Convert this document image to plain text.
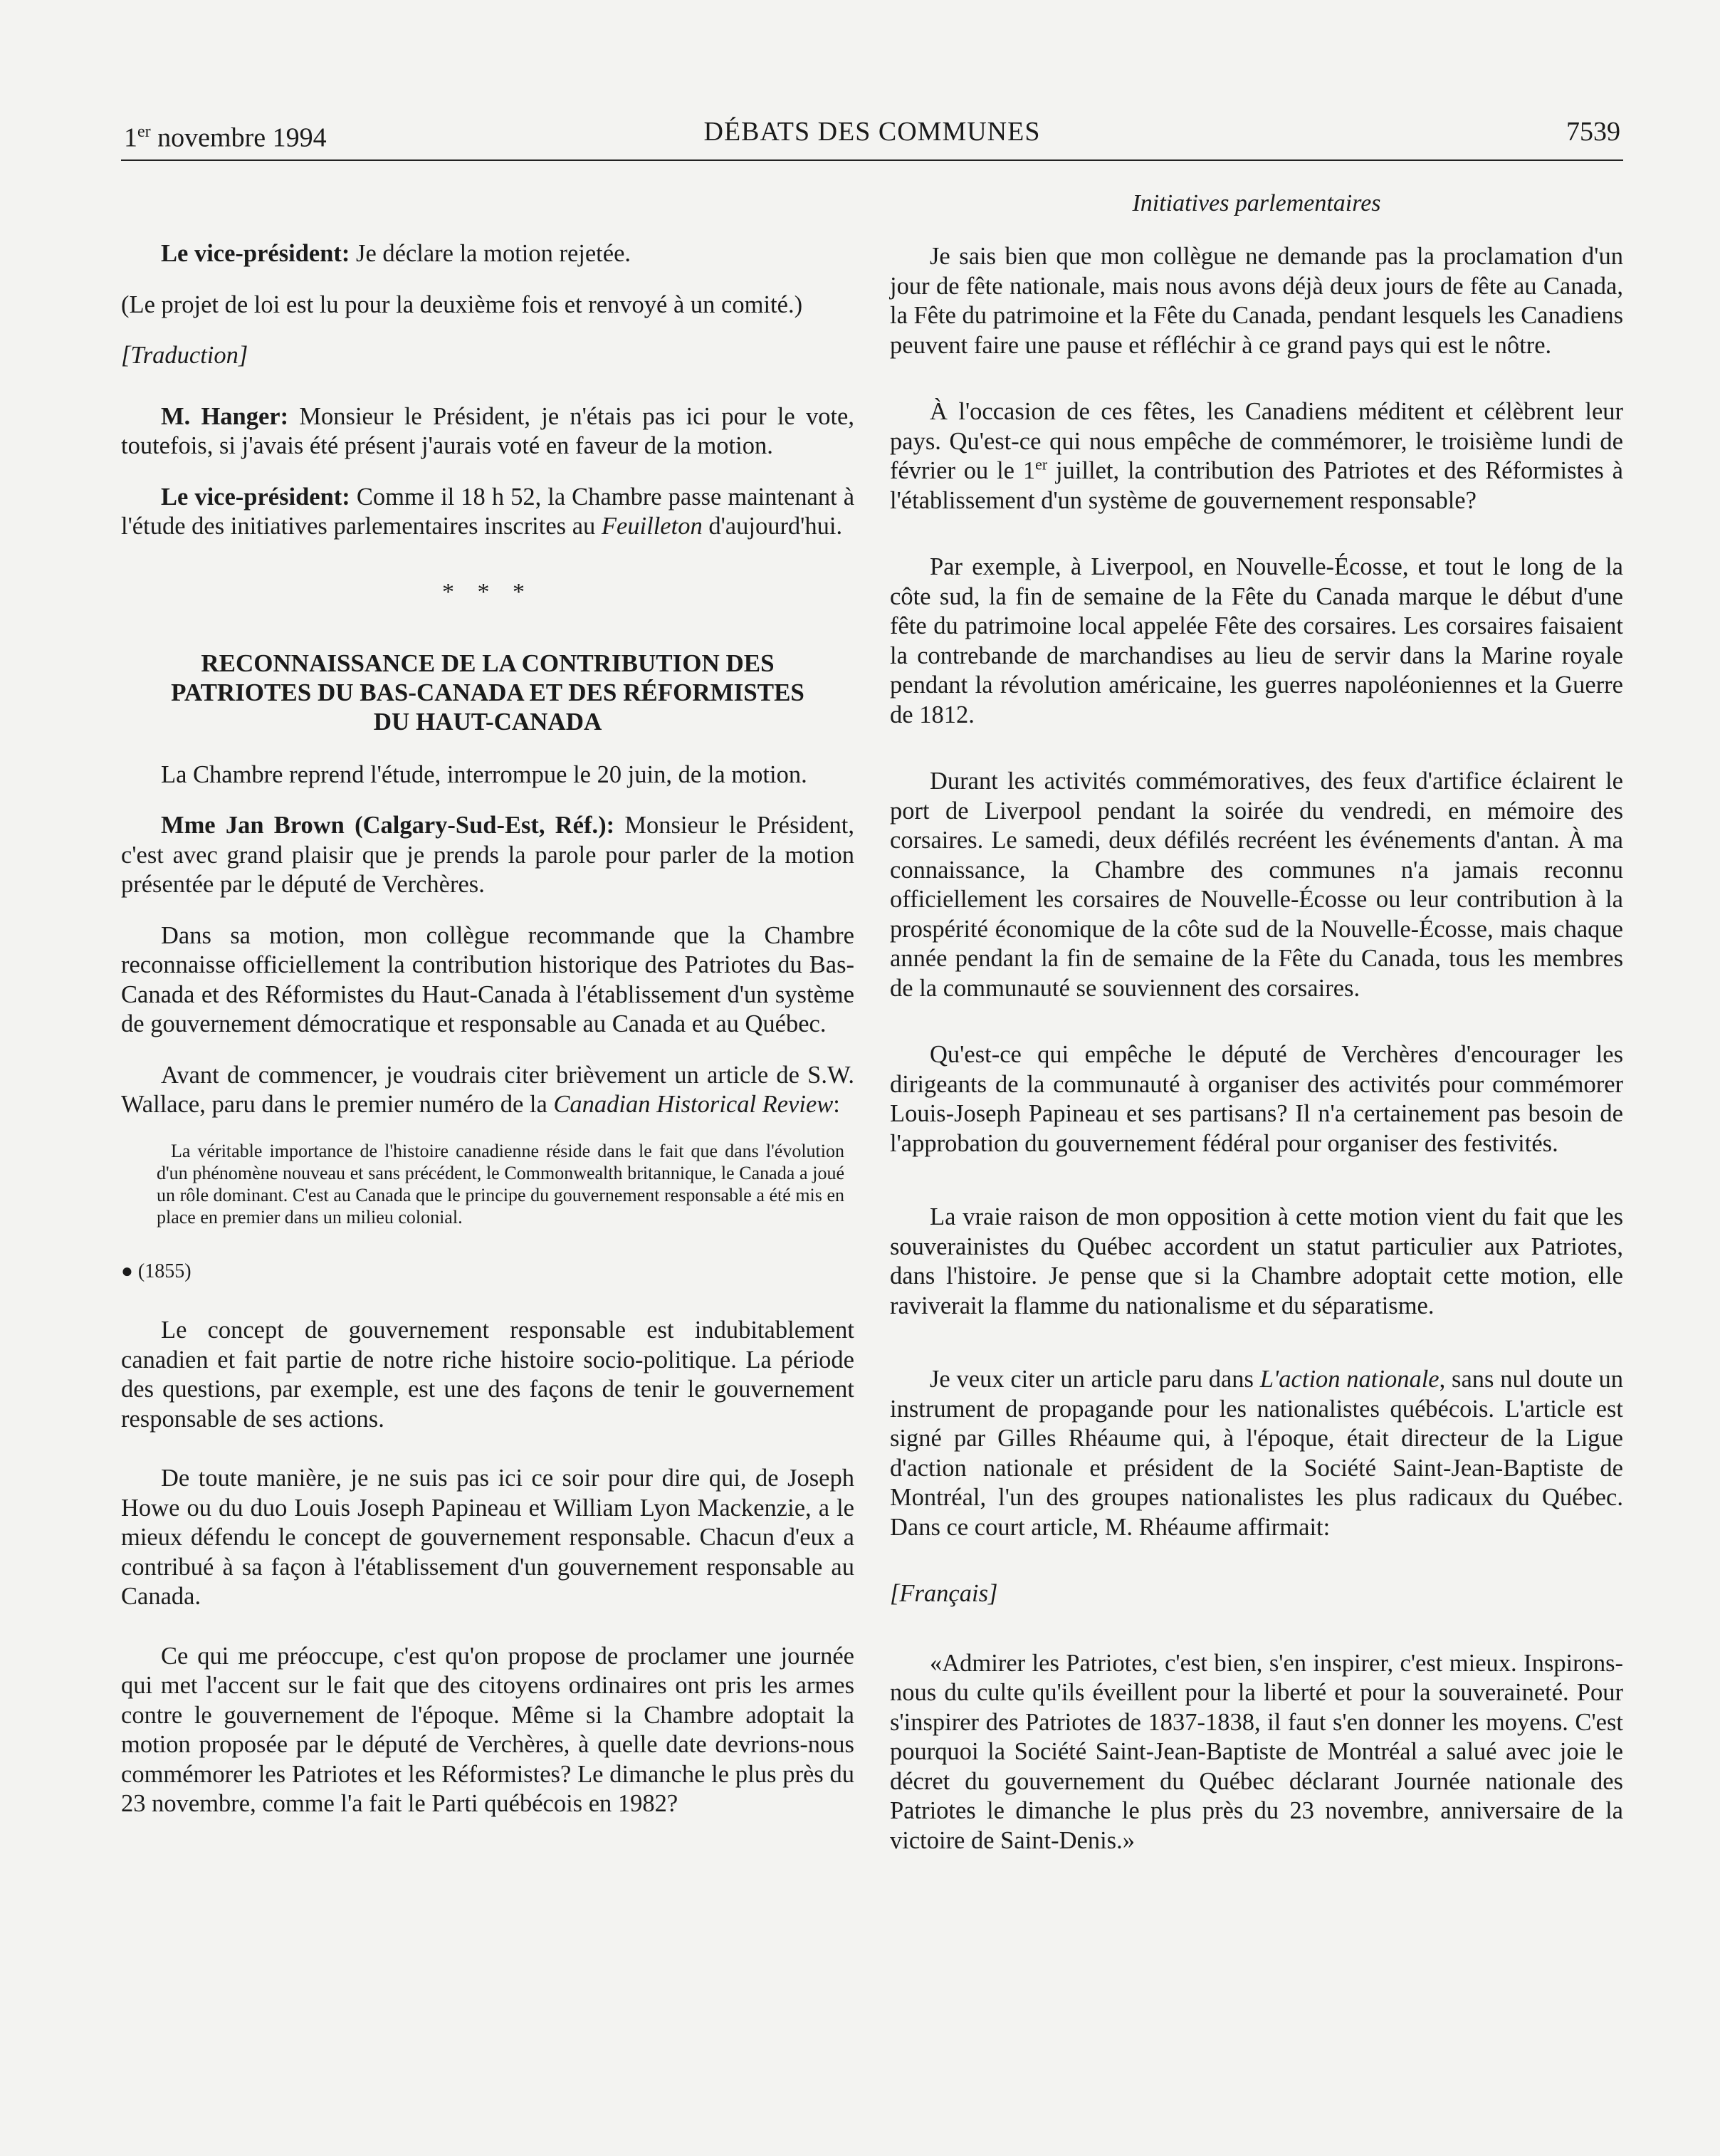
1er novembre 1994	DÉBATS DES COMMUNES	7539

Le vice-président: Je déclare la motion rejetée.

(Le projet de loi est lu pour la deuxième fois et renvoyé à un comité.)

[Traduction]

M. Hanger: Monsieur le Président, je n'étais pas ici pour le vote, toutefois, si j'avais été présent j'aurais voté en faveur de la motion.

Le vice-président: Comme il 18 h 52, la Chambre passe maintenant à l'étude des initiatives parlementaires inscrites au Feuilleton d'aujourd'hui.

* * *
RECONNAISSANCE DE LA CONTRIBUTION DES
PATRIOTES DU BAS-CANADA ET DES RÉFORMISTES
DU HAUT-CANADA

La Chambre reprend l'étude, interrompue le 20 juin, de la motion.

Mme Jan Brown (Calgary-Sud-Est, Réf.): Monsieur le Président, c'est avec grand plaisir que je prends la parole pour parler de la motion présentée par le député de Verchères.

Dans sa motion, mon collègue recommande que la Chambre reconnaisse officiellement la contribution historique des Patriotes du Bas-Canada et des Réformistes du Haut-Canada à l'établissement d'un système de gouvernement démocratique et responsable au Canada et au Québec.

Avant de commencer, je voudrais citer brièvement un article de S.W. Wallace, paru dans le premier numéro de la Canadian Historical Review:

La véritable importance de l'histoire canadienne réside dans le fait que dans l'évolution d'un phénomène nouveau et sans précédent, le Commonwealth britannique, le Canada a joué un rôle dominant. C'est au Canada que le principe du gouvernement responsable a été mis en place en premier dans un milieu colonial.

● (1855)

Le concept de gouvernement responsable est indubitablement canadien et fait partie de notre riche histoire socio-politique. La période des questions, par exemple, est une des façons de tenir le gouvernement responsable de ses actions.

De toute manière, je ne suis pas ici ce soir pour dire qui, de Joseph Howe ou du duo Louis Joseph Papineau et William Lyon Mackenzie, a le mieux défendu le concept de gouvernement responsable. Chacun d'eux a contribué à sa façon à l'établissement d'un gouvernement responsable au Canada.

Ce qui me préoccupe, c'est qu'on propose de proclamer une journée qui met l'accent sur le fait que des citoyens ordinaires ont pris les armes contre le gouvernement de l'époque. Même si la Chambre adoptait la motion proposée par le député de Verchères, à quelle date devrions-nous commémorer les Patriotes et les Réformistes? Le dimanche le plus près du 23 novembre, comme l'a fait le Parti québécois en 1982?

Initiatives parlementaires

Je sais bien que mon collègue ne demande pas la proclamation d'un jour de fête nationale, mais nous avons déjà deux jours de fête au Canada, la Fête du patrimoine et la Fête du Canada, pendant lesquels les Canadiens peuvent faire une pause et réfléchir à ce grand pays qui est le nôtre.

À l'occasion de ces fêtes, les Canadiens méditent et célèbrent leur pays. Qu'est-ce qui nous empêche de commémorer, le troisième lundi de février ou le 1er juillet, la contribution des Patriotes et des Réformistes à l'établissement d'un système de gouvernement responsable?

Par exemple, à Liverpool, en Nouvelle-Écosse, et tout le long de la côte sud, la fin de semaine de la Fête du Canada marque le début d'une fête du patrimoine local appelée Fête des corsaires. Les corsaires faisaient la contrebande de marchandises au lieu de servir dans la Marine royale pendant la révolution américaine, les guerres napoléoniennes et la Guerre de 1812.

Durant les activités commémoratives, des feux d'artifice éclairent le port de Liverpool pendant la soirée du vendredi, en mémoire des corsaires. Le samedi, deux défilés recréent les événements d'antan. À ma connaissance, la Chambre des communes n'a jamais reconnu officiellement les corsaires de Nouvelle-Écosse ou leur contribution à la prospérité économique de la côte sud de la Nouvelle-Écosse, mais chaque année pendant la fin de semaine de la Fête du Canada, tous les membres de la communauté se souviennent des corsaires.

Qu'est-ce qui empêche le député de Verchères d'encourager les dirigeants de la communauté à organiser des activités pour commémorer Louis-Joseph Papineau et ses partisans? Il n'a certainement pas besoin de l'approbation du gouvernement fédéral pour organiser des festivités.

La vraie raison de mon opposition à cette motion vient du fait que les souverainistes du Québec accordent un statut particulier aux Patriotes, dans l'histoire. Je pense que si la Chambre adoptait cette motion, elle raviverait la flamme du nationalisme et du séparatisme.

Je veux citer un article paru dans L'action nationale, sans nul doute un instrument de propagande pour les nationalistes québécois. L'article est signé par Gilles Rhéaume qui, à l'époque, était directeur de la Ligue d'action nationale et président de la Société Saint-Jean-Baptiste de Montréal, l'un des groupes nationalistes les plus radicaux du Québec. Dans ce court article, M. Rhéaume affirmait:

[Français]

«Admirer les Patriotes, c'est bien, s'en inspirer, c'est mieux. Inspirons-nous du culte qu'ils éveillent pour la liberté et pour la souveraineté. Pour s'inspirer des Patriotes de 1837-1838, il faut s'en donner les moyens. C'est pourquoi la Société Saint-Jean-Baptiste de Montréal a salué avec joie le décret du gouvernement du Québec déclarant Journée nationale des Patriotes le dimanche le plus près du 23 novembre, anniversaire de la victoire de Saint-Denis.»
